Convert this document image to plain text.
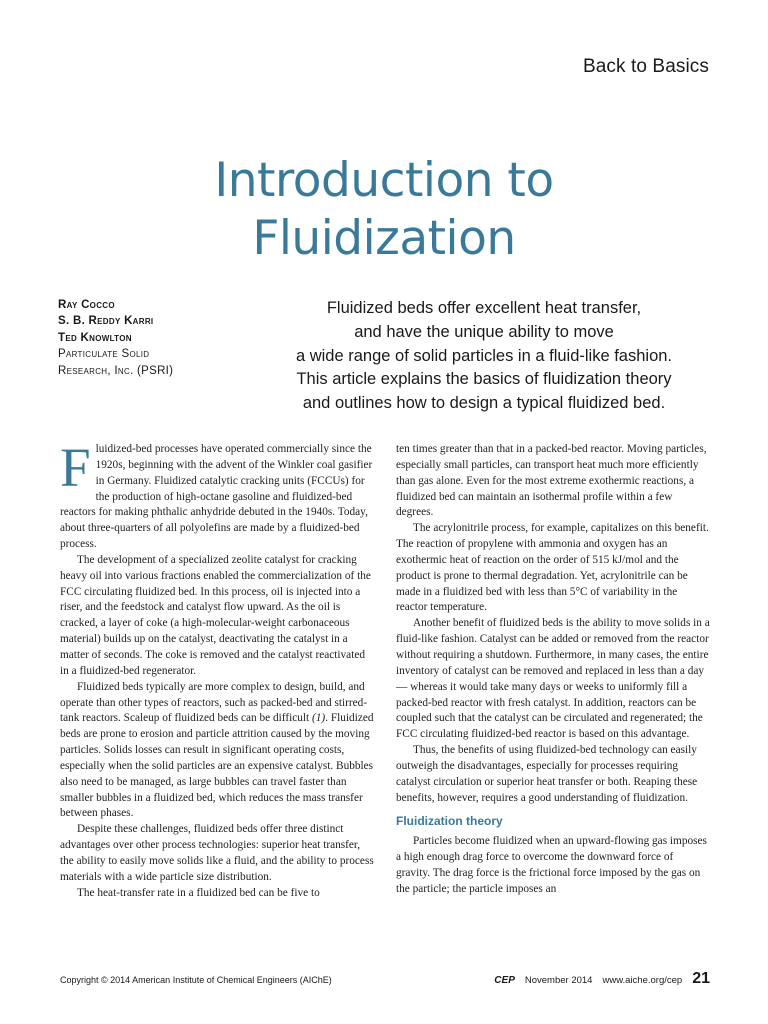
Back to Basics
Introduction to
Fluidization
Ray Cocco
S. B. Reddy Karri
Ted Knowlton
Particulate Solid
Research, Inc. (PSRI)
Fluidized beds offer excellent heat transfer,
and have the unique ability to move
a wide range of solid particles in a fluid-like fashion.
This article explains the basics of fluidization theory
and outlines how to design a typical fluidized bed.

Fluidized-bed processes have operated commercially since the 1920s, beginning with the advent of the Winkler coal gasifier in Germany. Fluidized catalytic cracking units (FCCUs) for the production of high-octane gasoline and fluidized-bed reactors for making phthalic anhydride debuted in the 1940s. Today, about three-quarters of all polyolefins are made by a fluidized-bed process.

The development of a specialized zeolite catalyst for cracking heavy oil into various fractions enabled the commercialization of the FCC circulating fluidized bed. In this process, oil is injected into a riser, and the feedstock and catalyst flow upward. As the oil is cracked, a layer of coke (a high-molecular-weight carbonaceous material) builds up on the catalyst, deactivating the catalyst in a matter of seconds. The coke is removed and the catalyst reactivated in a fluidized-bed regenerator.

Fluidized beds typically are more complex to design, build, and operate than other types of reactors, such as packed-bed and stirred-tank reactors. Scaleup of fluidized beds can be difficult (1). Fluidized beds are prone to erosion and particle attrition caused by the moving particles. Solids losses can result in significant operating costs, especially when the solid particles are an expensive catalyst. Bubbles also need to be managed, as large bubbles can travel faster than smaller bubbles in a fluidized bed, which reduces the mass transfer between phases.

Despite these challenges, fluidized beds offer three distinct advantages over other process technologies: superior heat transfer, the ability to easily move solids like a fluid, and the ability to process materials with a wide particle size distribution.

The heat-transfer rate in a fluidized bed can be five to

ten times greater than that in a packed-bed reactor. Moving particles, especially small particles, can transport heat much more efficiently than gas alone. Even for the most extreme exothermic reactions, a fluidized bed can maintain an isothermal profile within a few degrees.

The acrylonitrile process, for example, capitalizes on this benefit. The reaction of propylene with ammonia and oxygen has an exothermic heat of reaction on the order of 515 kJ/mol and the product is prone to thermal degradation. Yet, acrylonitrile can be made in a fluidized bed with less than 5°C of variability in the reactor temperature.

Another benefit of fluidized beds is the ability to move solids in a fluid-like fashion. Catalyst can be added or removed from the reactor without requiring a shutdown. Furthermore, in many cases, the entire inventory of catalyst can be removed and replaced in less than a day — whereas it would take many days or weeks to uniformly fill a packed-bed reactor with fresh catalyst. In addition, reactors can be coupled such that the catalyst can be circulated and regenerated; the FCC circulating fluidized-bed reactor is based on this advantage.

Thus, the benefits of using fluidized-bed technology can easily outweigh the disadvantages, especially for processes requiring catalyst circulation or superior heat transfer or both. Reaping these benefits, however, requires a good understanding of fluidization.

Fluidization theory

Particles become fluidized when an upward-flowing gas imposes a high enough drag force to overcome the downward force of gravity. The drag force is the frictional force imposed by the gas on the particle; the particle imposes an

Copyright © 2014 American Institute of Chemical Engineers (AIChE)	CEP November 2014 www.aiche.org/cep 21
